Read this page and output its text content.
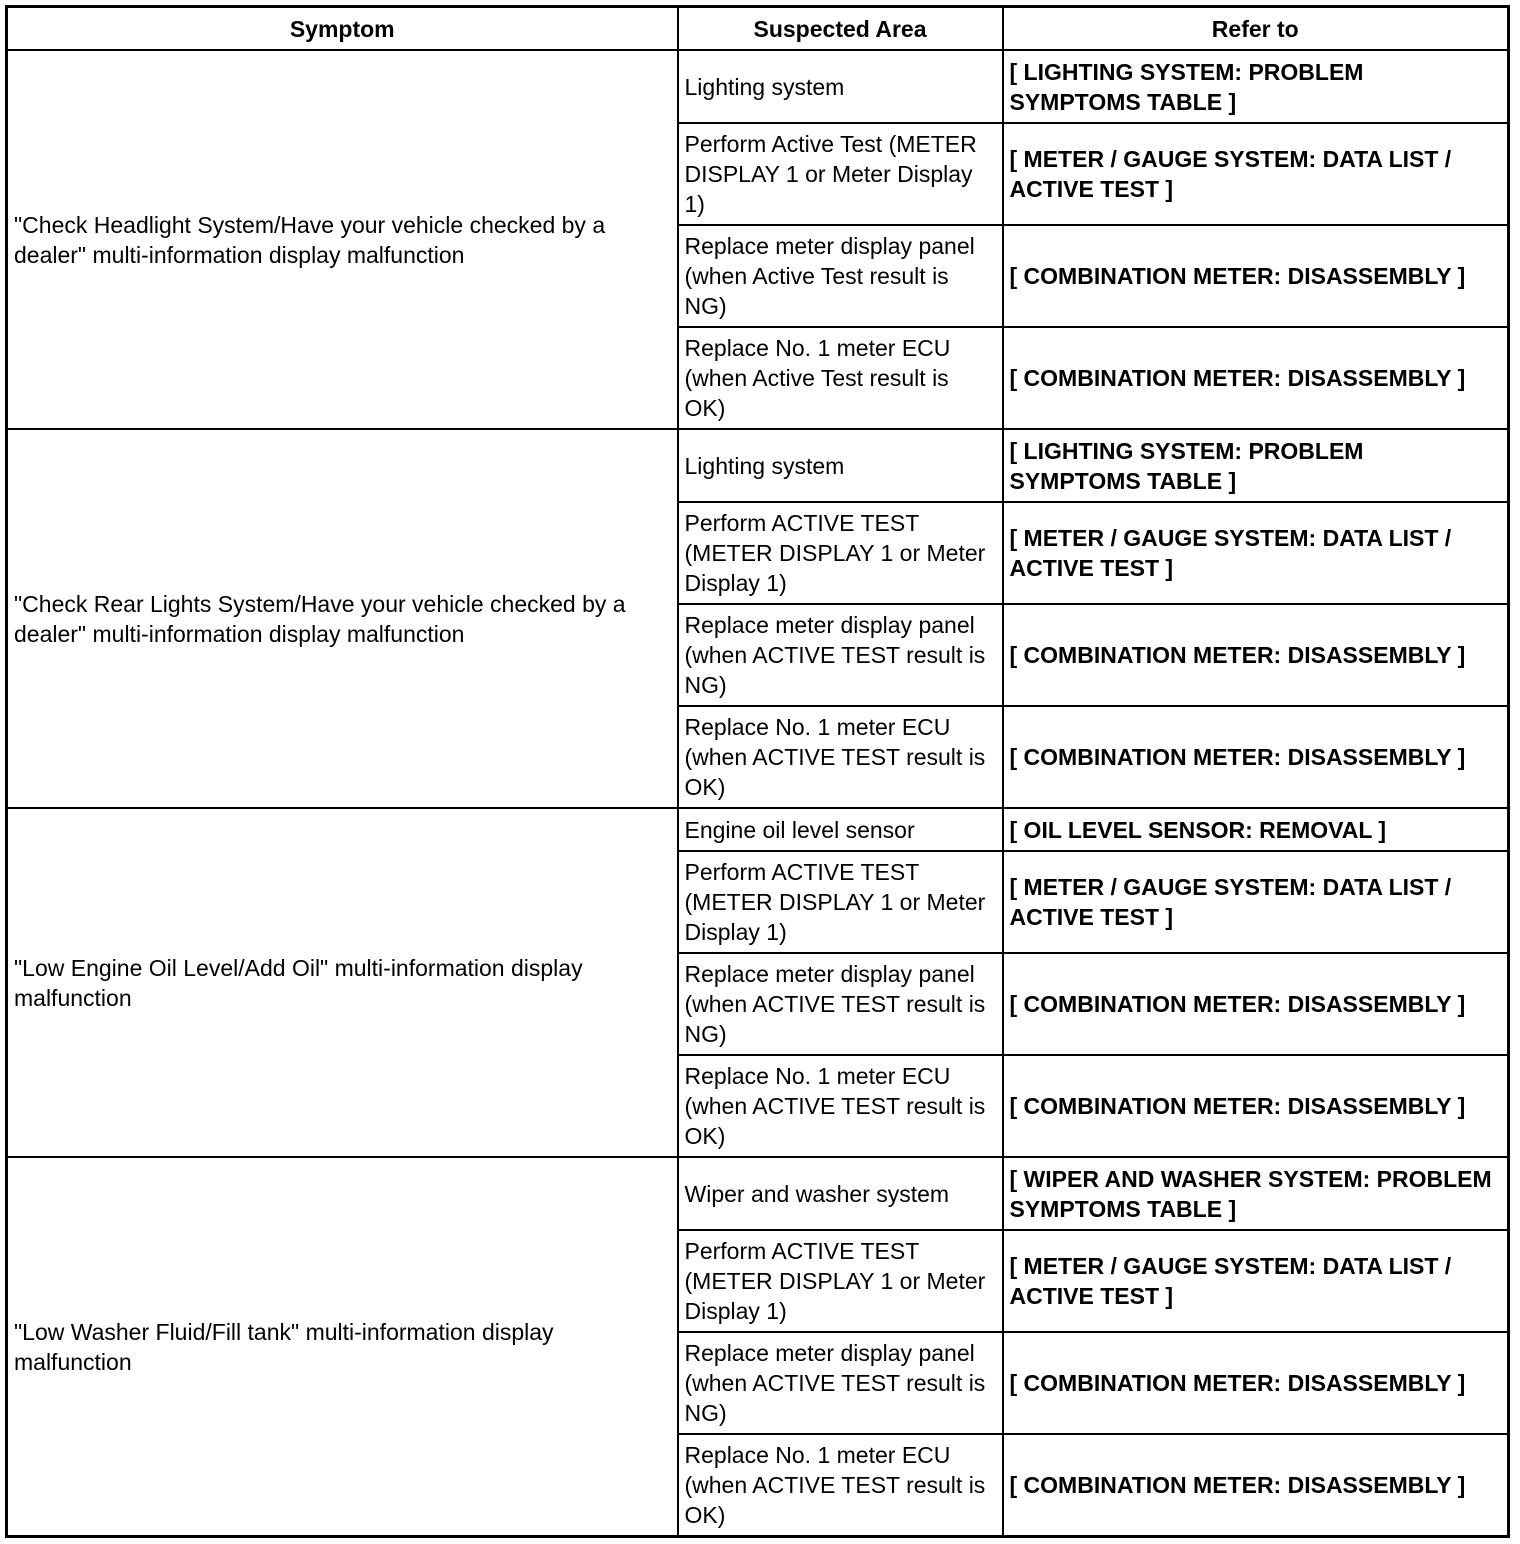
Symptom	Suspected Area	Refer to
"Check Headlight System/Have your vehicle checked by a dealer" multi-information display malfunction	Lighting system	[ LIGHTING SYSTEM: PROBLEM SYMPTOMS TABLE ]
	Perform Active Test (METER DISPLAY 1 or Meter Display 1)	[ METER / GAUGE SYSTEM: DATA LIST / ACTIVE TEST ]
	Replace meter display panel (when Active Test result is NG)	[ COMBINATION METER: DISASSEMBLY ]
	Replace No. 1 meter ECU (when Active Test result is OK)	[ COMBINATION METER: DISASSEMBLY ]
"Check Rear Lights System/Have your vehicle checked by a dealer" multi-information display malfunction	Lighting system	[ LIGHTING SYSTEM: PROBLEM SYMPTOMS TABLE ]
	Perform ACTIVE TEST (METER DISPLAY 1 or Meter Display 1)	[ METER / GAUGE SYSTEM: DATA LIST / ACTIVE TEST ]
	Replace meter display panel (when ACTIVE TEST result is NG)	[ COMBINATION METER: DISASSEMBLY ]
	Replace No. 1 meter ECU (when ACTIVE TEST result is OK)	[ COMBINATION METER: DISASSEMBLY ]
"Low Engine Oil Level/Add Oil" multi-information display malfunction	Engine oil level sensor	[ OIL LEVEL SENSOR: REMOVAL ]
	Perform ACTIVE TEST (METER DISPLAY 1 or Meter Display 1)	[ METER / GAUGE SYSTEM: DATA LIST / ACTIVE TEST ]
	Replace meter display panel (when ACTIVE TEST result is NG)	[ COMBINATION METER: DISASSEMBLY ]
	Replace No. 1 meter ECU (when ACTIVE TEST result is OK)	[ COMBINATION METER: DISASSEMBLY ]
"Low Washer Fluid/Fill tank" multi-information display malfunction	Wiper and washer system	[ WIPER AND WASHER SYSTEM: PROBLEM SYMPTOMS TABLE ]
	Perform ACTIVE TEST (METER DISPLAY 1 or Meter Display 1)	[ METER / GAUGE SYSTEM: DATA LIST / ACTIVE TEST ]
	Replace meter display panel (when ACTIVE TEST result is NG)	[ COMBINATION METER: DISASSEMBLY ]
	Replace No. 1 meter ECU (when ACTIVE TEST result is OK)	[ COMBINATION METER: DISASSEMBLY ]
